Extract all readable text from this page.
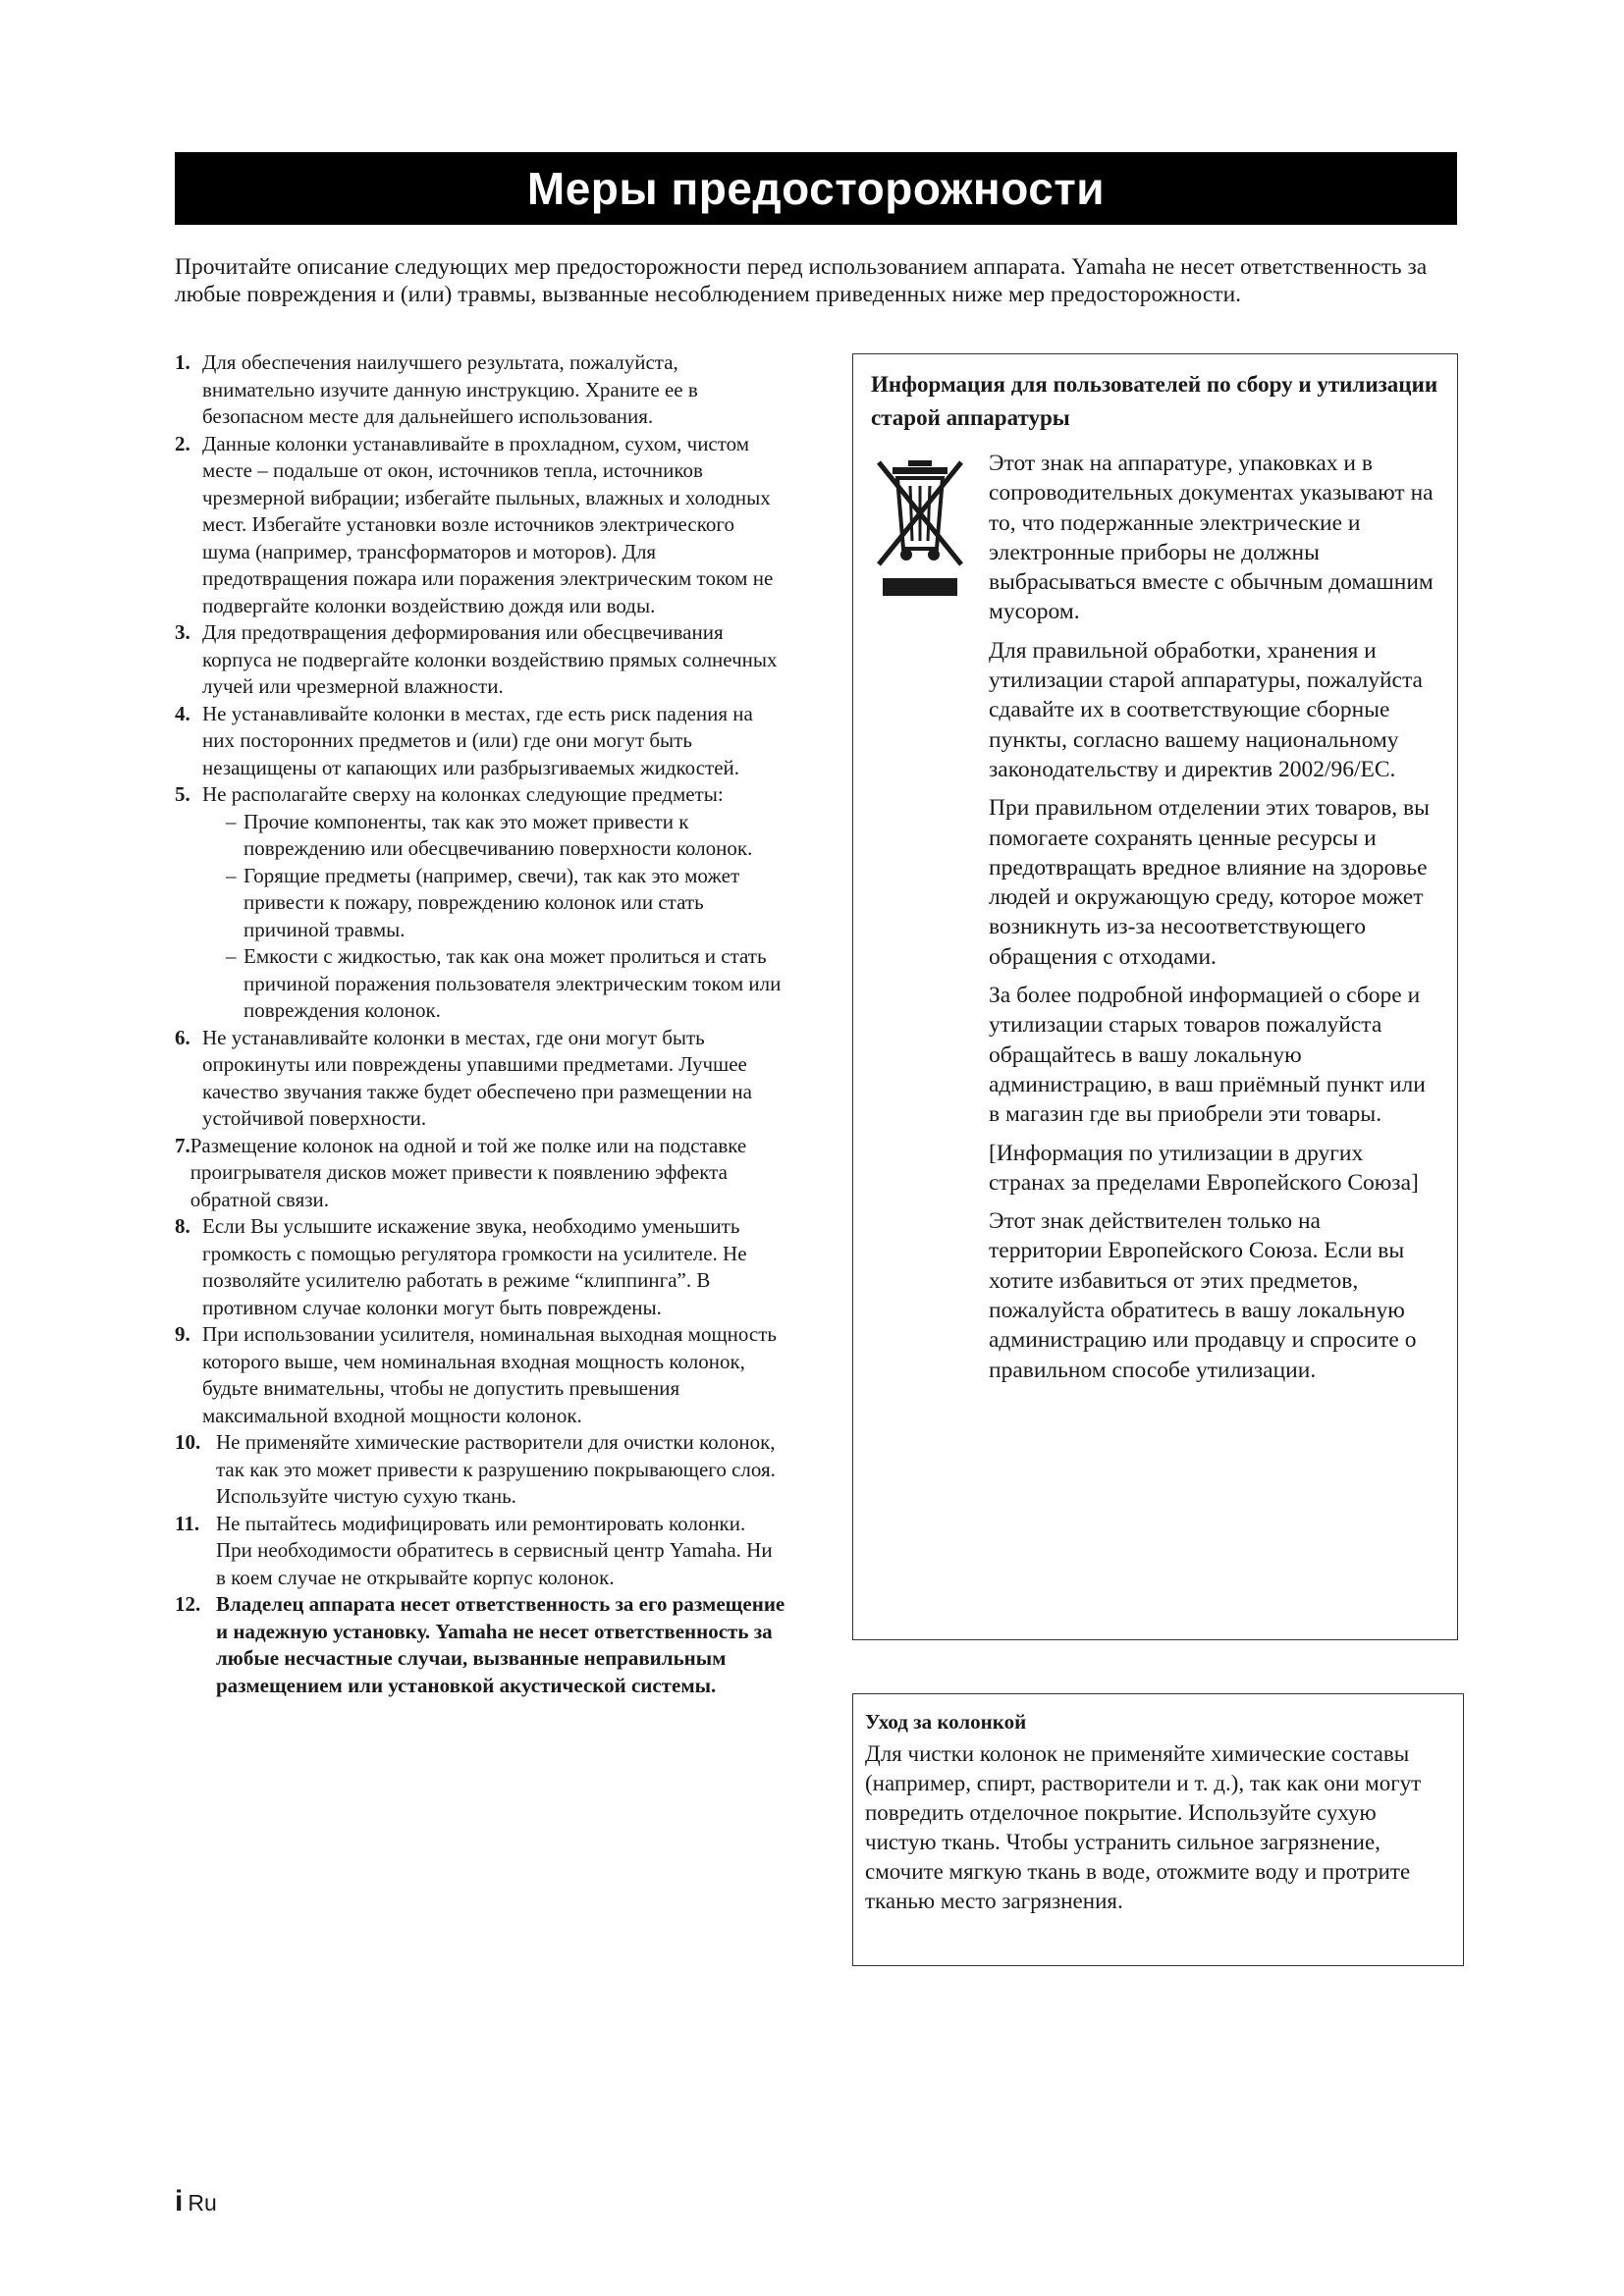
Меры предосторожности
Прочитайте описание следующих мер предосторожности перед использованием аппарата. Yamaha не несет ответственность за любые повреждения и (или) травмы, вызванные несоблюдением приведенных ниже мер предосторожности.
1. Для обеспечения наилучшего результата, пожалуйста, внимательно изучите данную инструкцию. Храните ее в безопасном месте для дальнейшего использования.
2. Данные колонки устанавливайте в прохладном, сухом, чистом месте – подальше от окон, источников тепла, источников чрезмерной вибрации; избегайте пыльных, влажных и холодных мест. Избегайте установки возле источников электрического шума (например, трансформаторов и моторов). Для предотвращения пожара или поражения электрическим током не подвергайте колонки воздействию дождя или воды.
3. Для предотвращения деформирования или обесцвечивания корпуса не подвергайте колонки воздействию прямых солнечных лучей или чрезмерной влажности.
4. Не устанавливайте колонки в местах, где есть риск падения на них посторонних предметов и (или) где они могут быть незащищены от капающих или разбрызгиваемых жидкостей.
5. Не располагайте сверху на колонках следующие предметы:
– Прочие компоненты, так как это может привести к повреждению или обесцвечиванию поверхности колонок.
– Горящие предметы (например, свечи), так как это может привести к пожару, повреждению колонок или стать причиной травмы.
– Емкости с жидкостью, так как она может пролиться и стать причиной поражения пользователя электрическим током или повреждения колонок.
6. Не устанавливайте колонки в местах, где они могут быть опрокинуты или повреждены упавшими предметами. Лучшее качество звучания также будет обеспечено при размещении на устойчивой поверхности.
7. Размещение колонок на одной и той же полке или на подставке проигрывателя дисков может привести к появлению эффекта обратной связи.
8. Если Вы услышите искажение звука, необходимо уменьшить громкость с помощью регулятора громкости на усилителе. Не позволяйте усилителю работать в режиме “клиппинга”. В противном случае колонки могут быть повреждены.
9. При использовании усилителя, номинальная выходная мощность которого выше, чем номинальная входная мощность колонок, будьте внимательны, чтобы не допустить превышения максимальной входной мощности колонок.
10. Не применяйте химические растворители для очистки колонок, так как это может привести к разрушению покрывающего слоя. Используйте чистую сухую ткань.
11. Не пытайтесь модифицировать или ремонтировать колонки. При необходимости обратитесь в сервисный центр Yamaha. Ни в коем случае не открывайте корпус колонок.
12. Владелец аппарата несет ответственность за его размещение и надежную установку. Yamaha не несет ответственность за любые несчастные случаи, вызванные неправильным размещением или установкой акустической системы.
Информация для пользователей по сбору и утилизации старой аппаратуры

Этот знак на аппаратуре, упаковках и в сопроводительных документах указывают на то, что подержанные электрические и электронные приборы не должны выбрасываться вместе с обычным домашним мусором.

Для правильной обработки, хранения и утилизации старой аппаратуры, пожалуйста сдавайте их в соответствующие сборные пункты, согласно вашему национальному законодательству и директив 2002/96/ЕС.

При правильном отделении этих товаров, вы помогаете сохранять ценные ресурсы и предотвращать вредное влияние на здоровье людей и окружающую среду, которое может возникнуть из-за несоответствующего обращения с отходами.

За более подробной информацией о сборе и утилизации старых товаров пожалуйста обращайтесь в вашу локальную администрацию, в ваш приёмный пункт или в магазин где вы приобрели эти товары.

[Информация по утилизации в других странах за пределами Европейского Союза]

Этот знак действителен только на территории Европейского Союза. Если вы хотите избавиться от этих предметов, пожалуйста обратитесь в вашу локальную администрацию или продавцу и спросите о правильном способе утилизации.

Уход за колонкой

Для чистки колонок не применяйте химические составы (например, спирт, растворители и т. д.), так как они могут повредить отделочное покрытие. Используйте сухую чистую ткань. Чтобы устранить сильное загрязнение, смочите мягкую ткань в воде, отожмите воду и протрите тканью место загрязнения.

i Ru
